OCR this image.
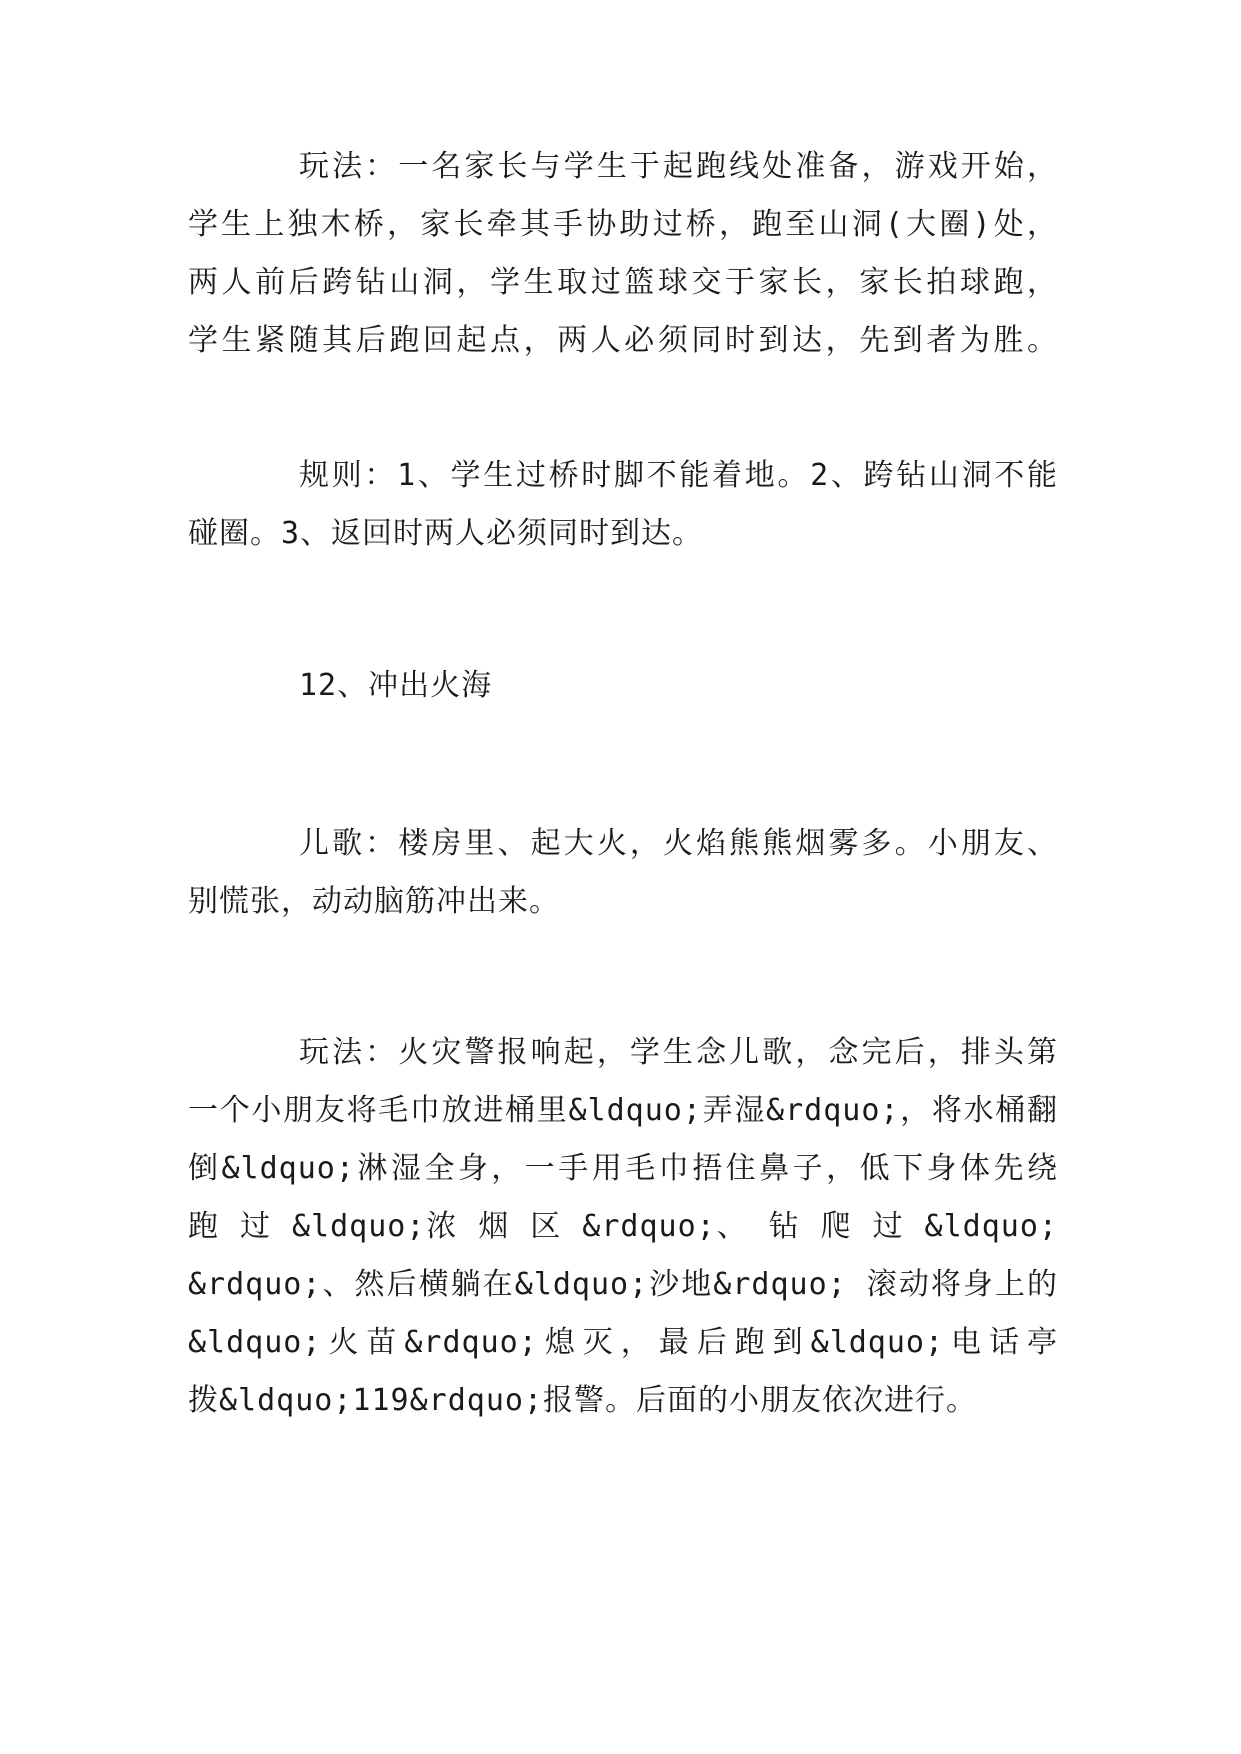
玩法：一名家长与学生于起跑线处准备，游戏开始，
学生上独木桥，家长牵其手协助过桥，跑至山洞(大圈)处，
两人前后跨钻山洞，学生取过篮球交于家长，家长拍球跑，
学生紧随其后跑回起点，两人必须同时到达，先到者为胜。
规则：1、学生过桥时脚不能着地。2、跨钻山洞不能
碰圈。3、返回时两人必须同时到达。
12、冲出火海
儿歌：楼房里、起大火，火焰熊熊烟雾多。小朋友、
别慌张，动动脑筋冲出来。
玩法：火灾警报响起，学生念儿歌，念完后，排头第
一个小朋友将毛巾放进桶里&ldquo;弄湿&rdquo;，将水桶翻
倒&ldquo;淋湿全身，一手用毛巾捂住鼻子，低下身体先绕
跑 过 &ldquo;浓 烟 区 &rdquo;、 钻 爬 过 &ldquo;
&rdquo;、然后横躺在&ldquo;沙地&rdquo; 滚动将身上的
&ldquo;火苗&rdquo;熄灭，最后跑到&ldquo;电话亭
拨&ldquo;119&rdquo;报警。后面的小朋友依次进行。
